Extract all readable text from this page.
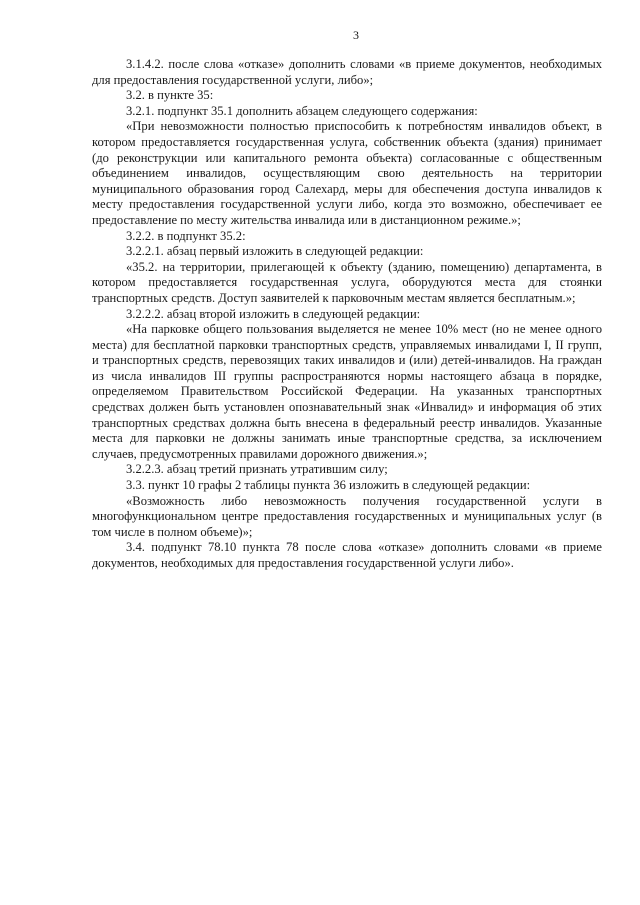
3

3.1.4.2. после слова «отказе» дополнить словами «в приеме документов, необходимых для предоставления государственной услуги, либо»;

3.2. в пункте 35:

3.2.1. подпункт 35.1 дополнить абзацем следующего содержания:

«При невозможности полностью приспособить к потребностям инвалидов объект, в котором предоставляется государственная услуга, собственник объекта (здания) принимает (до реконструкции или капитального ремонта объекта) согласованные с общественным объединением инвалидов, осуществляющим свою деятельность на территории муниципального образования город Салехард, меры для обеспечения доступа инвалидов к месту предоставления государственной услуги либо, когда это возможно, обеспечивает ее предоставление по месту жительства инвалида или в дистанционном режиме.»;

3.2.2. в подпункт 35.2:

3.2.2.1. абзац первый изложить в следующей редакции:

«35.2. на территории, прилегающей к объекту (зданию, помещению) департамента, в котором предоставляется государственная услуга, оборудуются места для стоянки транспортных средств. Доступ заявителей к парковочным местам является бесплатным.»;

3.2.2.2. абзац второй изложить в следующей редакции:

«На парковке общего пользования выделяется не менее 10% мест (но не менее одного места) для бесплатной парковки транспортных средств, управляемых инвалидами I, II групп, и транспортных средств, перевозящих таких инвалидов и (или) детей-инвалидов. На граждан из числа инвалидов III группы распространяются нормы настоящего абзаца в порядке, определяемом Правительством Российской Федерации. На указанных транспортных средствах должен быть установлен опознавательный знак «Инвалид» и информация об этих транспортных средствах должна быть внесена в федеральный реестр инвалидов. Указанные места для парковки не должны занимать иные транспортные средства, за исключением случаев, предусмотренных правилами дорожного движения.»;

3.2.2.3. абзац третий признать утратившим силу;

3.3. пункт 10 графы 2 таблицы пункта 36 изложить в следующей редакции:

«Возможность либо невозможность получения государственной услуги в многофункциональном центре предоставления государственных и муниципальных услуг (в том числе в полном объеме)»;

3.4. подпункт 78.10 пункта 78 после слова «отказе» дополнить словами «в приеме документов, необходимых для предоставления государственной услуги либо».
